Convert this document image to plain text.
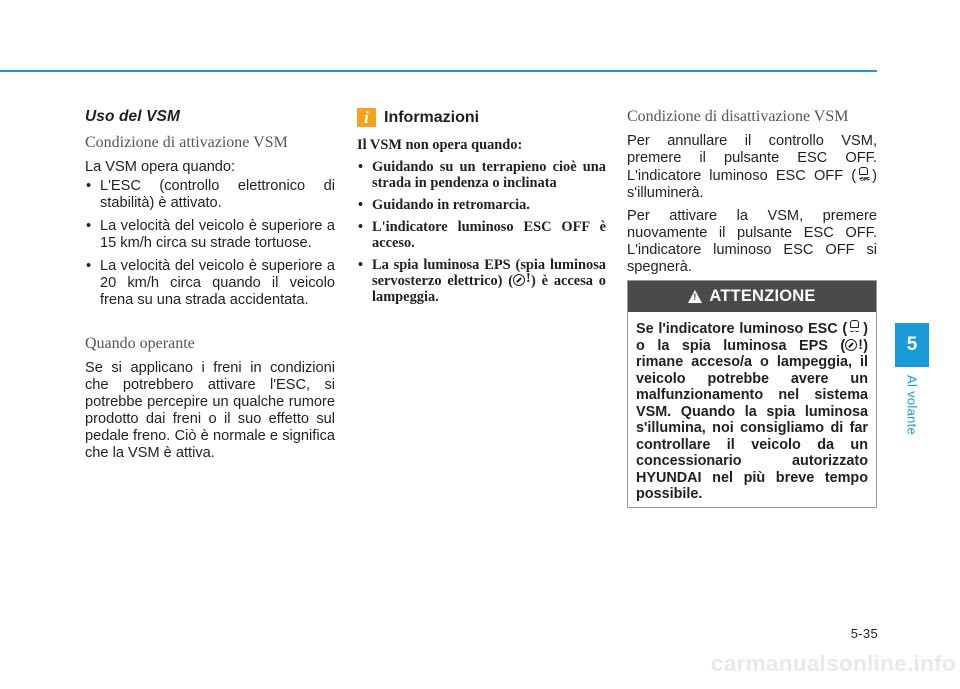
Uso del VSM
Condizione di attivazione VSM
La VSM opera quando:
• L'ESC (controllo elettronico di stabilità) è attivato.
• La velocità del veicolo è superiore a 15 km/h circa su strade tortuose.
• La velocità del veicolo è superiore a 20 km/h circa quando il veicolo frena su una strada accidentata.
Quando operante
Se si applicano i freni in condizioni che potrebbero attivare l'ESC, si potrebbe percepire un qualche rumore prodotto dai freni o il suo effetto sul pedale freno. Ciò è normale e significa che la VSM è attiva.
i Informazioni
Il VSM non opera quando:
• Guidando su un terrapieno cioè una strada in pendenza o inclinata
• Guidando in retromarcia.
• L'indicatore luminoso ESC OFF è acceso.
• La spia luminosa EPS (spia luminosa servosterzo elettrico) ( ! ) è accesa o lampeggia.
Condizione di disattivazione VSM

Per annullare il controllo VSM, premere il pulsante ESC OFF. L'indicatore luminoso ESC OFF ( OFF ) s'illuminerà.

Per attivare la VSM, premere nuovamente il pulsante ESC OFF. L'indicatore luminoso ESC OFF si spegnerà.

! ATTENZIONE
Se l'indicatore luminoso ESC ( ) o la spia luminosa EPS ( ! ) rimane acceso/a o lampeggia, il veicolo potrebbe avere un malfunzionamento nel sistema VSM. Quando la spia luminosa s'illumina, noi consigliamo di far controllare il veicolo da un concessionario autorizzato HYUNDAI nel più breve tempo possibile.
5
Al volante
5-35
carmanualsonline.info
